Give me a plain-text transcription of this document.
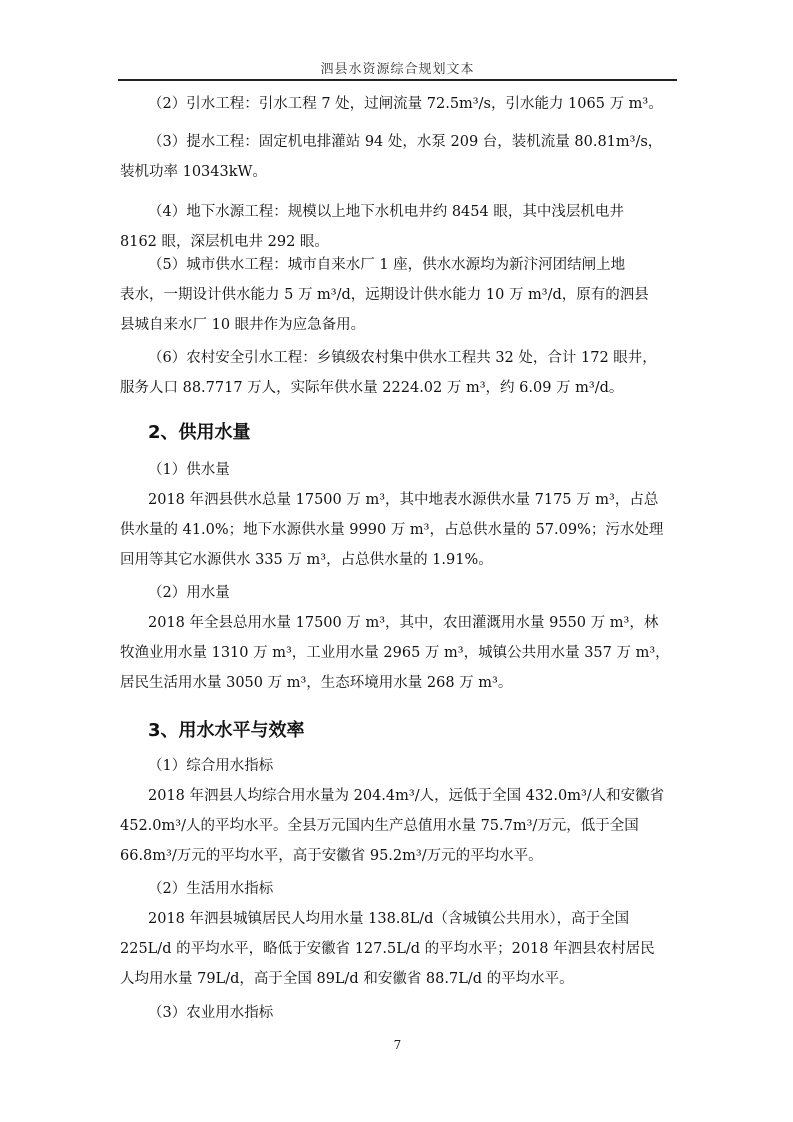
泗县水资源综合规划文本

（2）引水工程：引水工程 7 处，过闸流量 72.5m³/s，引水能力 1065 万 m³。

（3）提水工程：固定机电排灌站 94 处，水泵 209 台，装机流量 80.81m³/s，
装机功率 10343kW。

（4）地下水源工程：规模以上地下水机电井约 8454 眼，其中浅层机电井
8162 眼，深层机电井 292 眼。

（5）城市供水工程：城市自来水厂 1 座，供水水源均为新汴河团结闸上地
表水，一期设计供水能力 5 万 m³/d，远期设计供水能力 10 万 m³/d，原有的泗县
县城自来水厂 10 眼井作为应急备用。

（6）农村安全引水工程：乡镇级农村集中供水工程共 32 处，合计 172 眼井，
服务人口 88.7717 万人，实际年供水量 2224.02 万 m³，约 6.09 万 m³/d。

2、供用水量

（1）供水量

2018 年泗县供水总量 17500 万 m³，其中地表水源供水量 7175 万 m³，占总
供水量的 41.0%；地下水源供水量 9990 万 m³，占总供水量的 57.09%；污水处理
回用等其它水源供水 335 万 m³，占总供水量的 1.91%。

（2）用水量

2018 年全县总用水量 17500 万 m³，其中，农田灌溉用水量 9550 万 m³，林
牧渔业用水量 1310 万 m³，工业用水量 2965 万 m³，城镇公共用水量 357 万 m³，
居民生活用水量 3050 万 m³，生态环境用水量 268 万 m³。

3、用水水平与效率

（1）综合用水指标

2018 年泗县人均综合用水量为 204.4m³/人，远低于全国 432.0m³/人和安徽省
452.0m³/人的平均水平。全县万元国内生产总值用水量 75.7m³/万元，低于全国
66.8m³/万元的平均水平，高于安徽省 95.2m³/万元的平均水平。

（2）生活用水指标

2018 年泗县城镇居民人均用水量 138.8L/d（含城镇公共用水），高于全国
225L/d 的平均水平，略低于安徽省 127.5L/d 的平均水平；2018 年泗县农村居民
人均用水量 79L/d，高于全国 89L/d 和安徽省 88.7L/d 的平均水平。

（3）农业用水指标

7
